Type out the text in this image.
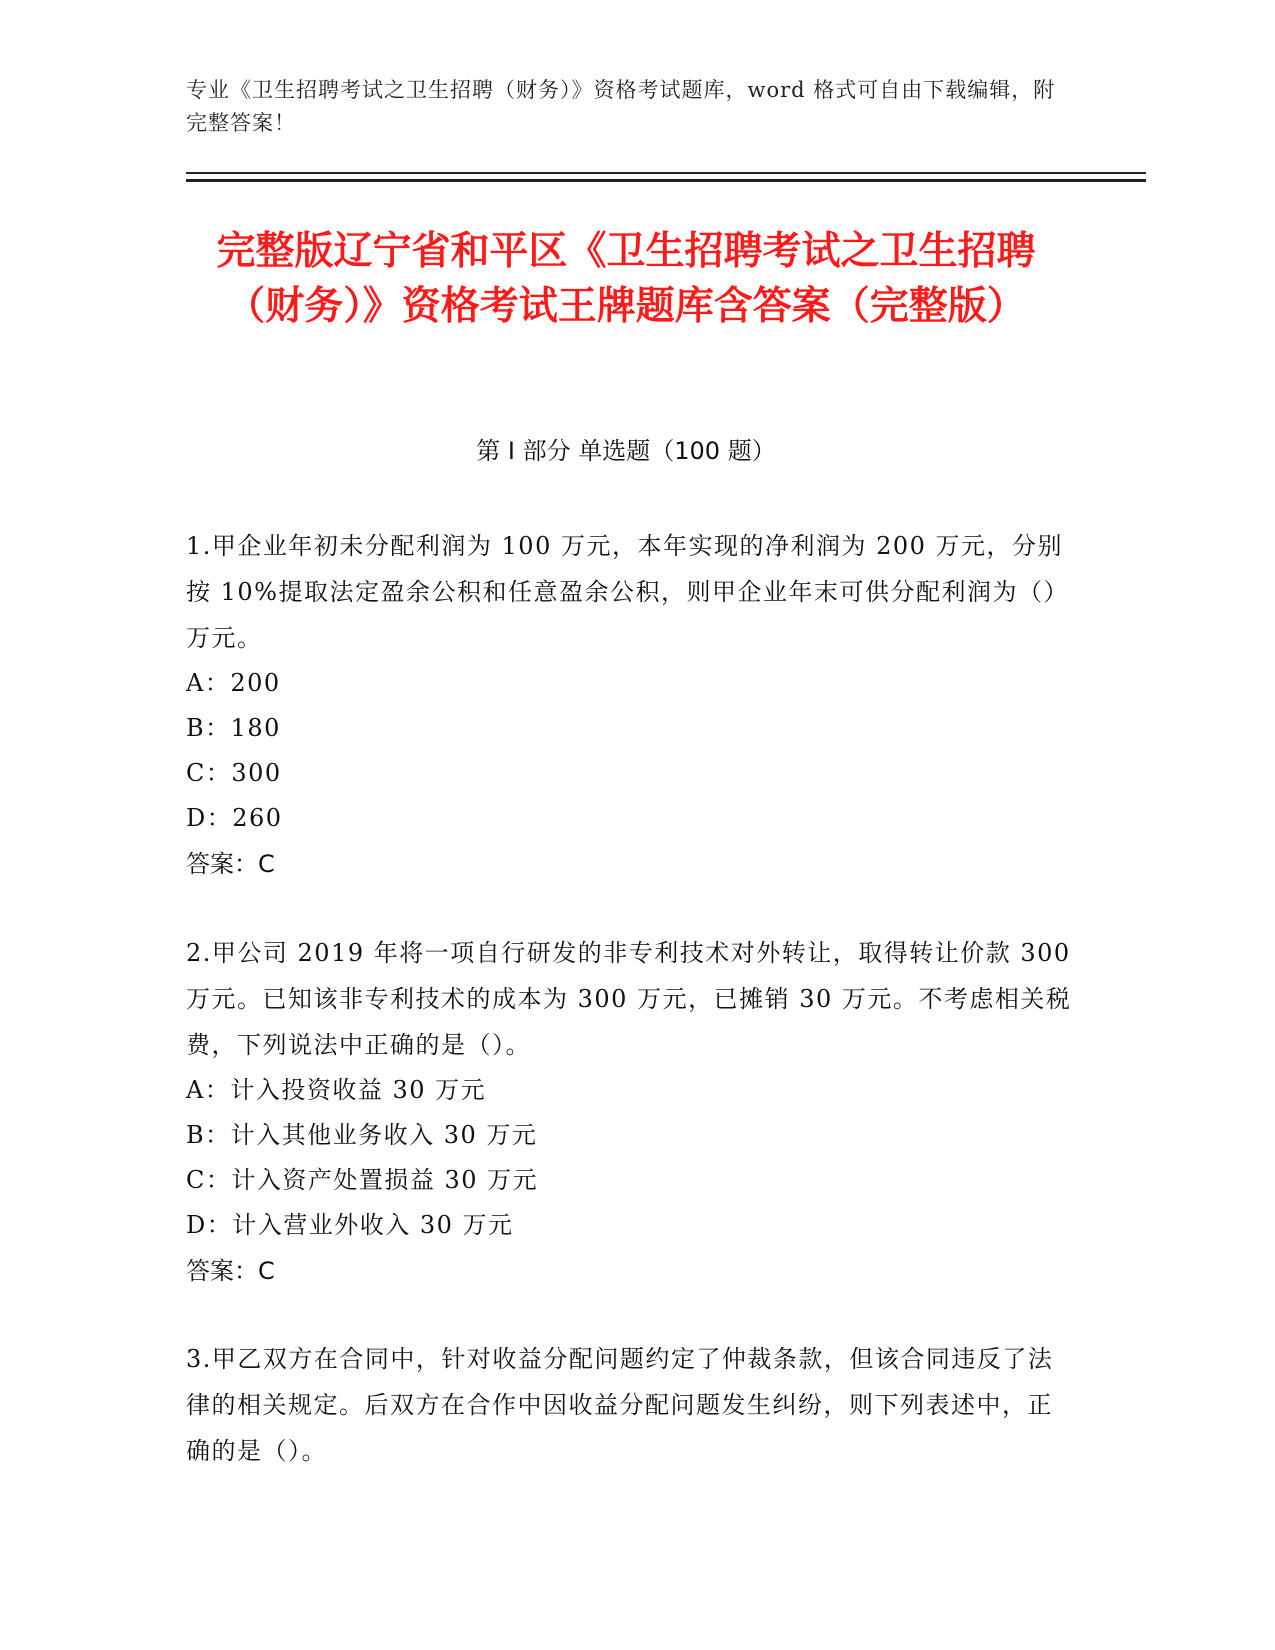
专业《卫生招聘考试之卫生招聘（财务）》资格考试题库，word 格式可自由下载编辑，附完整答案！

完整版辽宁省和平区《卫生招聘考试之卫生招聘（财务）》资格考试王牌题库含答案（完整版）
第 I 部分 单选题（100 题）

1.甲企业年初未分配利润为 100 万元，本年实现的净利润为 200 万元，分别按 10%提取法定盈余公积和任意盈余公积，则甲企业年末可供分配利润为（）万元。

A：200
B：180
C：300
D：260

答案：C

2.甲公司 2019 年将一项自行研发的非专利技术对外转让，取得转让价款 300 万元。已知该非专利技术的成本为 300 万元，已摊销 30 万元。不考虑相关税费，下列说法中正确的是（）。

A：计入投资收益 30 万元
B：计入其他业务收入 30 万元
C：计入资产处置损益 30 万元
D：计入营业外收入 30 万元

答案：C

3.甲乙双方在合同中，针对收益分配问题约定了仲裁条款，但该合同违反了法律的相关规定。后双方在合作中因收益分配问题发生纠纷，则下列表述中，正确的是（）。
